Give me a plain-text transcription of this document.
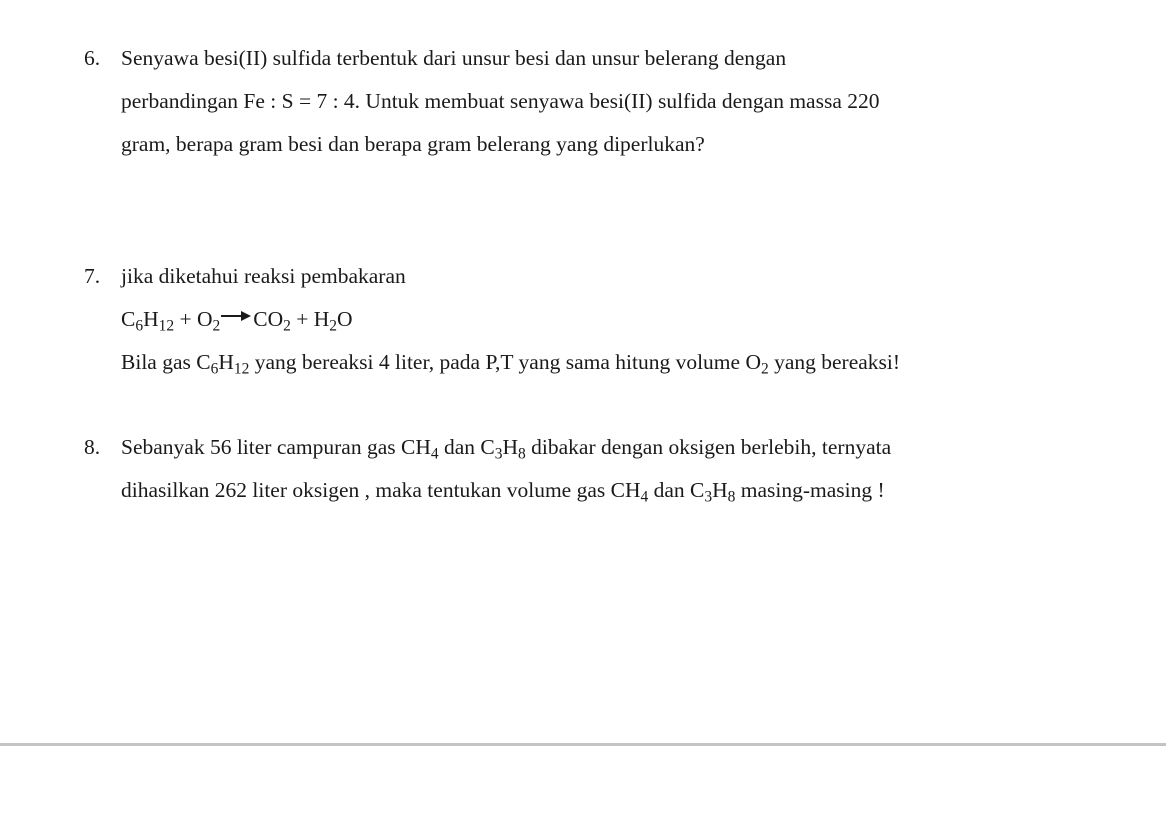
6. Senyawa besi(II) sulfida terbentuk dari unsur besi dan unsur belerang dengan
perbandingan Fe : S = 7 : 4. Untuk membuat senyawa besi(II) sulfida dengan massa 220
gram, berapa gram besi dan berapa gram belerang yang diperlukan?
7. jika diketahui reaksi pembakaran
$C_6H_{12} + O_2$ $CO_2 + H_2O$
Bila gas $C_6H_{12}$ yang bereaksi 4 liter, pada P,T yang sama hitung volume $O_2$ yang bereaksi!
8. Sebanyak 56 liter campuran gas $CH_4$ dan $C_3H_8$ dibakar dengan oksigen berlebih, ternyata
dihasilkan 262 liter oksigen , maka tentukan volume gas $CH_4$ dan $C_3H_8$ masing-masing !
